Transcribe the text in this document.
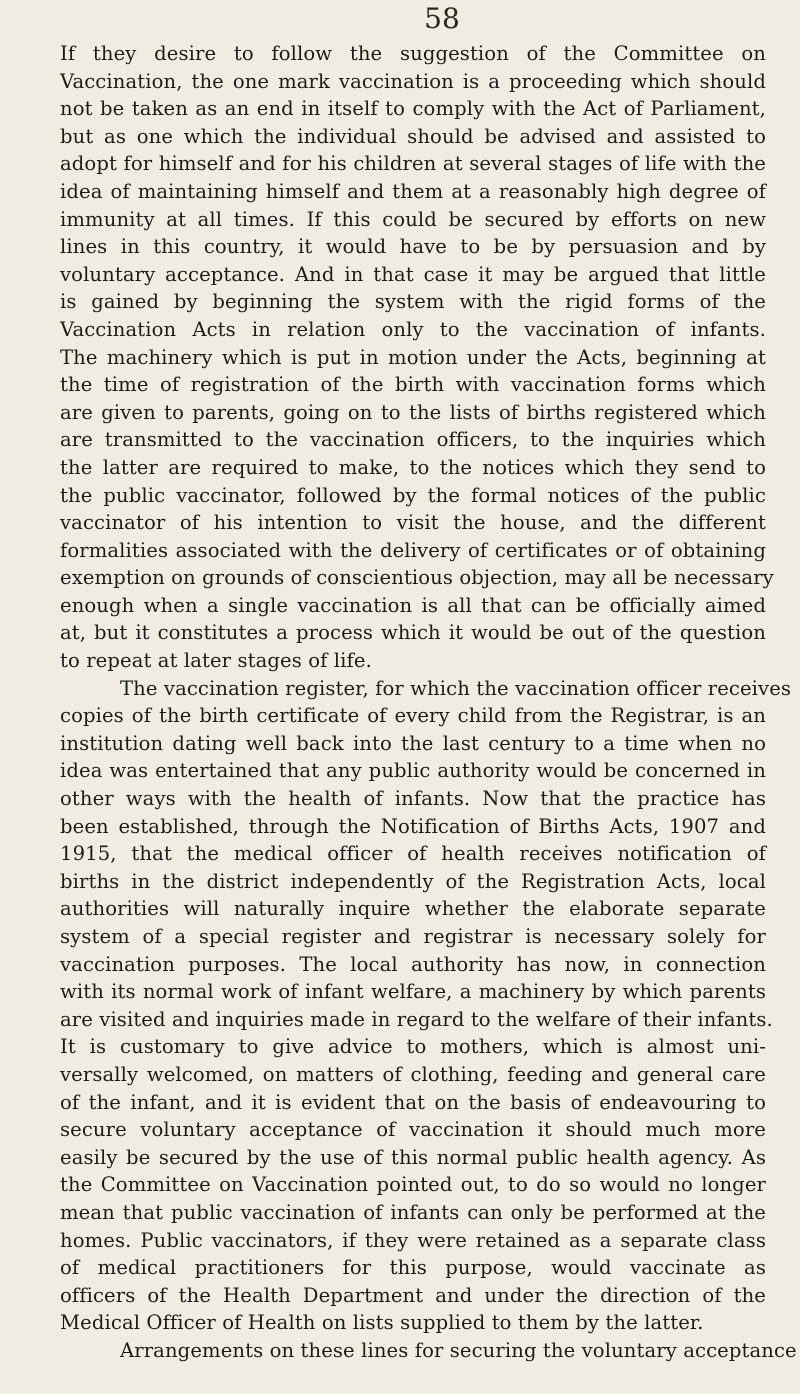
58
If they desire to follow the suggestion of the Committee on
Vaccination, the one mark vaccination is a proceeding which should
not be taken as an end in itself to comply with the Act of Parliament,
but as one which the individual should be advised and assisted to
adopt for himself and for his children at several stages of life with the
idea of maintaining himself and them at a reasonably high degree of
immunity at all times. If this could be secured by efforts on new
lines in this country, it would have to be by persuasion and by
voluntary acceptance. And in that case it may be argued that little
is gained by beginning the system with the rigid forms of the
Vaccination Acts in relation only to the vaccination of infants.
The machinery which is put in motion under the Acts, beginning at
the time of registration of the birth with vaccination forms which
are given to parents, going on to the lists of births registered which
are transmitted to the vaccination officers, to the inquiries which
the latter are required to make, to the notices which they send to
the public vaccinator, followed by the formal notices of the public
vaccinator of his intention to visit the house, and the different
formalities associated with the delivery of certificates or of obtaining
exemption on grounds of conscientious objection, may all be necessary
enough when a single vaccination is all that can be officially aimed
at, but it constitutes a process which it would be out of the question
to repeat at later stages of life.
The vaccination register, for which the vaccination officer receives
copies of the birth certificate of every child from the Registrar, is an
institution dating well back into the last century to a time when no
idea was entertained that any public authority would be concerned in
other ways with the health of infants. Now that the practice has
been established, through the Notification of Births Acts, 1907 and
1915, that the medical officer of health receives notification of
births in the district independently of the Registration Acts, local
authorities will naturally inquire whether the elaborate separate
system of a special register and registrar is necessary solely for
vaccination purposes. The local authority has now, in connection
with its normal work of infant welfare, a machinery by which parents
are visited and inquiries made in regard to the welfare of their infants.
It is customary to give advice to mothers, which is almost uni-
versally welcomed, on matters of clothing, feeding and general care
of the infant, and it is evident that on the basis of endeavouring to
secure voluntary acceptance of vaccination it should much more
easily be secured by the use of this normal public health agency. As
the Committee on Vaccination pointed out, to do so would no longer
mean that public vaccination of infants can only be performed at the
homes. Public vaccinators, if they were retained as a separate class
of medical practitioners for this purpose, would vaccinate as
officers of the Health Department and under the direction of the
Medical Officer of Health on lists supplied to them by the latter.
Arrangements on these lines for securing the voluntary acceptance
